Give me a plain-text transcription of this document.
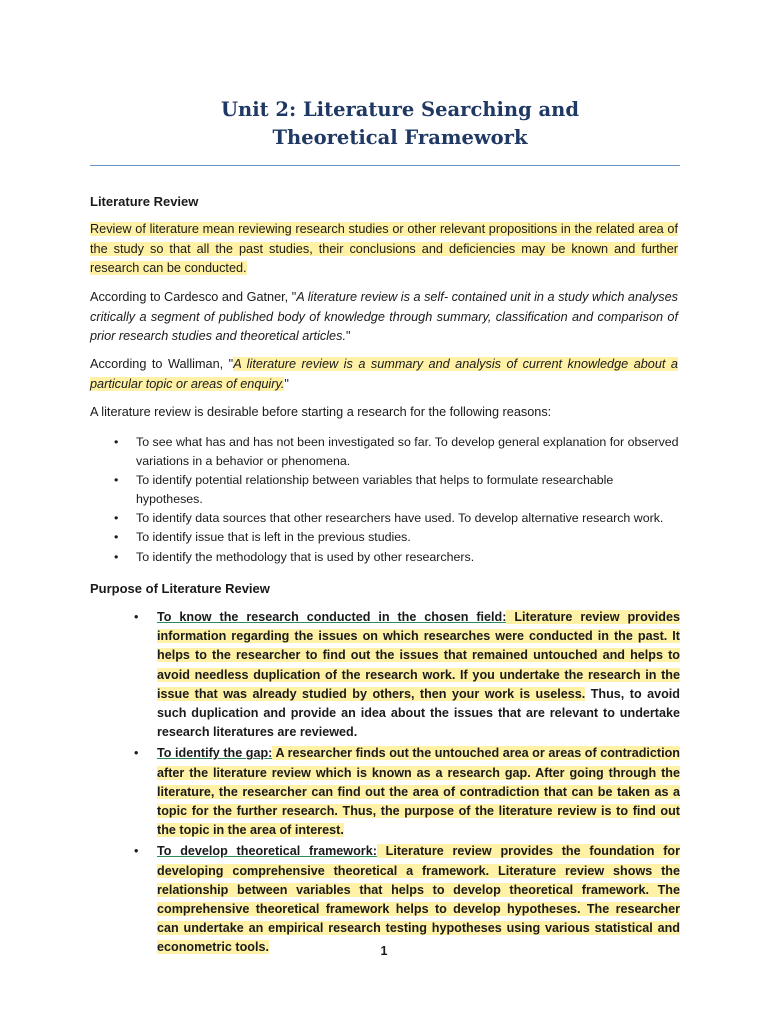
Unit 2: Literature Searching and
Theoretical Framework
Literature Review
Review of literature mean reviewing research studies or other relevant propositions in the related area of the study so that all the past studies, their conclusions and deficiencies may be known and further research can be conducted.
According to Cardesco and Gatner, "A literature review is a self- contained unit in a study which analyses critically a segment of published body of knowledge through summary, classification and comparison of prior research studies and theoretical articles."
According to Walliman, "A literature review is a summary and analysis of current knowledge about a particular topic or areas of enquiry."
A literature review is desirable before starting a research for the following reasons:
• To see what has and has not been investigated so far. To develop general explanation for observed variations in a behavior or phenomena.
• To identify potential relationship between variables that helps to formulate researchable hypotheses.
• To identify data sources that other researchers have used. To develop alternative research work.
• To identify issue that is left in the previous studies.
• To identify the methodology that is used by other researchers.
Purpose of Literature Review
• To know the research conducted in the chosen field: Literature review provides information regarding the issues on which researches were conducted in the past. It helps to the researcher to find out the issues that remained untouched and helps to avoid needless duplication of the research work. If you undertake the research in the issue that was already studied by others, then your work is useless. Thus, to avoid such duplication and provide an idea about the issues that are relevant to undertake research literatures are reviewed.
• To identify the gap: A researcher finds out the untouched area or areas of contradiction after the literature review which is known as a research gap. After going through the literature, the researcher can find out the area of contradiction that can be taken as a topic for the further research. Thus, the purpose of the literature review is to find out the topic in the area of interest.
• To develop theoretical framework: Literature review provides the foundation for developing comprehensive theoretical a framework. Literature review shows the relationship between variables that helps to develop theoretical framework. The comprehensive theoretical framework helps to develop hypotheses. The researcher can undertake an empirical research testing hypotheses using various statistical and econometric tools.	1
